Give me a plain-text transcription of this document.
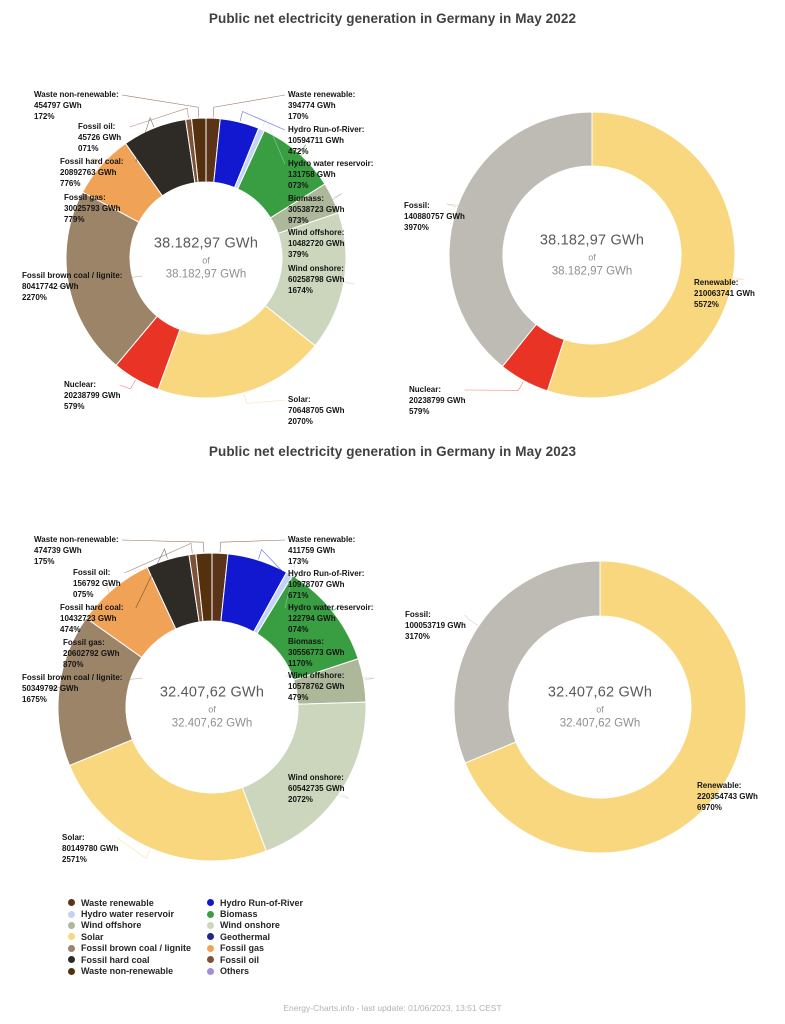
Public net electricity generation in Germany in May 2022
Public net electricity generation in Germany in May 2023
Waste renewable:
394774 GWh
170%
Hydro Run-of-River:
10594711 GWh
472%
Hydro water reservoir:
131758 GWh
073%
Biomass:
30538723 GWh
973%
Wind offshore:
10482720 GWh
379%
Wind onshore:
60258798 GWh
1674%
Solar:
70648705 GWh
2070%
Nuclear:
20238799 GWh
579%
Fossil brown coal / lignite:
80417742 GWh
2270%
Fossil gas:
30025793 GWh
779%
Fossil hard coal:
20892763 GWh
776%
Fossil oil:
45726 GWh
071%
Waste non-renewable:
454797 GWh
172%
38.182,97 GWh
of
38.182,97 GWh
Renewable:
210063741 GWh
5572%
Nuclear:
20238799 GWh
579%
Fossil:
140880757 GWh
3970%
38.182,97 GWh
of
38.182,97 GWh
Waste renewable:
411759 GWh
173%
Hydro Run-of-River:
10978707 GWh
671%
Hydro water reservoir:
122794 GWh
074%
Biomass:
30556773 GWh
1170%
Wind offshore:
10578762 GWh
479%
Wind onshore:
60542735 GWh
2072%
Solar:
80149780 GWh
2571%
Fossil brown coal / lignite:
50349792 GWh
1675%
Fossil gas:
20602792 GWh
870%
Fossil hard coal:
10432723 GWh
474%
Fossil oil:
156792 GWh
075%
Waste non-renewable:
474739 GWh
175%
32.407,62 GWh
of
32.407,62 GWh
Renewable:
220354743 GWh
6970%
Fossil:
100053719 GWh
3170%
32.407,62 GWh
of
32.407,62 GWh
Waste renewable
Hydro water reservoir
Wind offshore
Solar
Fossil brown coal / lignite
Fossil hard coal
Waste non-renewable
Hydro Run-of-River
Biomass
Wind onshore
Geothermal
Fossil gas
Fossil oil
Others
Energy-Charts.info - last update: 01/06/2023, 13:51 CEST
